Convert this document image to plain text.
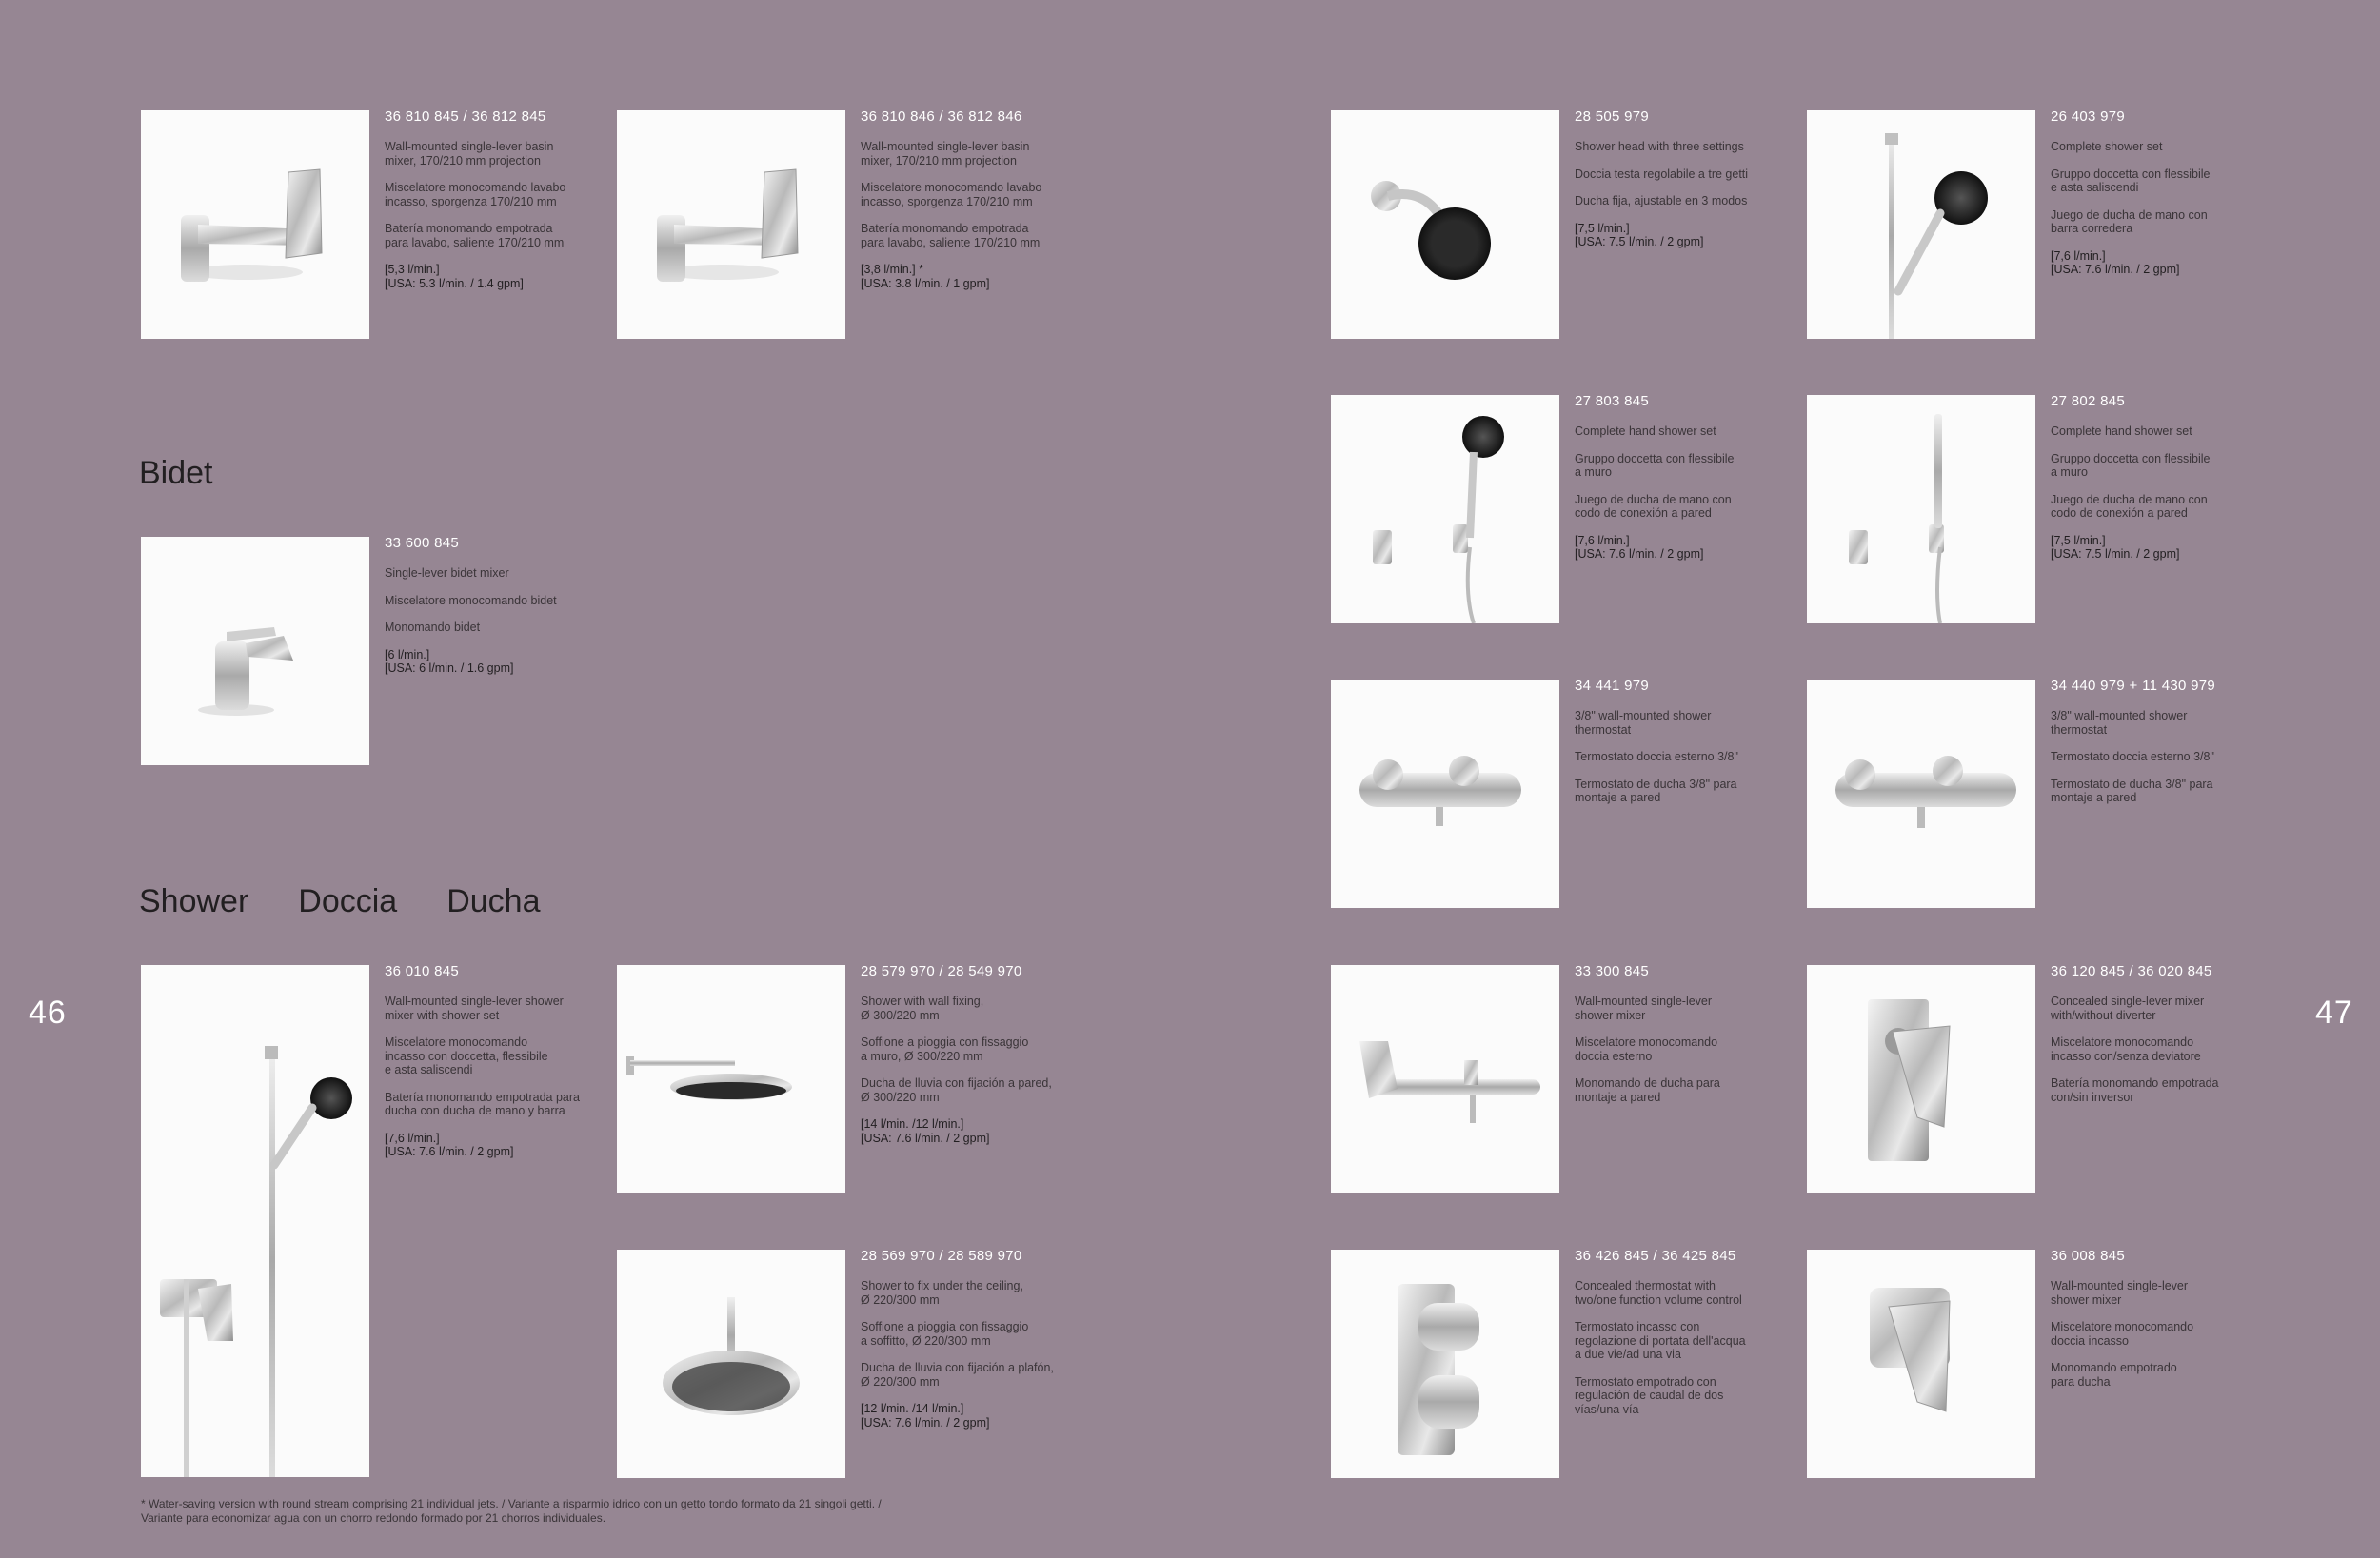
46	47
Bidet
Shower Doccia Ducha
36 810 845 / 36 812 845

Wall-mounted single-lever basin
mixer, 170/210 mm projection

Miscelatore monocomando lavabo
incasso, sporgenza 170/210 mm

Batería monomando empotrada
para lavabo, saliente 170/210 mm

[5,3 l/min.]
[USA: 5.3 l/min. / 1.4 gpm]

36 810 846 / 36 812 846

Wall-mounted single-lever basin
mixer, 170/210 mm projection

Miscelatore monocomando lavabo
incasso, sporgenza 170/210 mm

Batería monomando empotrada
para lavabo, saliente 170/210 mm

[3,8 l/min.] *
[USA: 3.8 l/min. / 1 gpm]

33 600 845

Single-lever bidet mixer

Miscelatore monocomando bidet

Monomando bidet

[6 l/min.]
[USA: 6 l/min. / 1.6 gpm]

36 010 845

Wall-mounted single-lever shower
mixer with shower set

Miscelatore monocomando
incasso con doccetta, flessibile
e asta saliscendi

Batería monomando empotrada para
ducha con ducha de mano y barra

[7,6 l/min.]
[USA: 7.6 l/min. / 2 gpm]

28 579 970 / 28 549 970

Shower with wall fixing,
Ø 300/220 mm

Soffione a pioggia con fissaggio
a muro, Ø 300/220 mm

Ducha de lluvia con fijación a pared,
Ø 300/220 mm

[14 l/min. /12 l/min.]
[USA: 7.6 l/min. / 2 gpm]

28 569 970 / 28 589 970

Shower to fix under the ceiling,
Ø 220/300 mm

Soffione a pioggia con fissaggio
a soffitto, Ø 220/300 mm

Ducha de lluvia con fijación a plafón,
Ø 220/300 mm

[12 l/min. /14 l/min.]
[USA: 7.6 l/min. / 2 gpm]

28 505 979

Shower head with three settings

Doccia testa regolabile a tre getti

Ducha fija, ajustable en 3 modos

[7,5 l/min.]
[USA: 7.5 l/min. / 2 gpm]

26 403 979

Complete shower set

Gruppo doccetta con flessibile
e asta saliscendi

Juego de ducha de mano con
barra corredera

[7,6 l/min.]
[USA: 7.6 l/min. / 2 gpm]

27 803 845

Complete hand shower set

Gruppo doccetta con flessibile
a muro

Juego de ducha de mano con
codo de conexión a pared

[7,6 l/min.]
[USA: 7.6 l/min. / 2 gpm]

27 802 845

Complete hand shower set

Gruppo doccetta con flessibile
a muro

Juego de ducha de mano con
codo de conexión a pared

[7,5 l/min.]
[USA: 7.5 l/min. / 2 gpm]

34 441 979

3/8" wall-mounted shower
thermostat

Termostato doccia esterno 3/8"

Termostato de ducha 3/8" para
montaje a pared

34 440 979 + 11 430 979

3/8" wall-mounted shower
thermostat

Termostato doccia esterno 3/8"

Termostato de ducha 3/8" para
montaje a pared

33 300 845

Wall-mounted single-lever
shower mixer

Miscelatore monocomando
doccia esterno

Monomando de ducha para
montaje a pared

36 120 845 / 36 020 845

Concealed single-lever mixer
with/without diverter

Miscelatore monocomando
incasso con/senza deviatore

Batería monomando empotrada
con/sin inversor

36 426 845 / 36 425 845

Concealed thermostat with
two/one function volume control

Termostato incasso con
regolazione di portata dell'acqua
a due vie/ad una via

Termostato empotrado con
regulación de caudal de dos
vías/una vía

36 008 845

Wall-mounted single-lever
shower mixer

Miscelatore monocomando
doccia incasso

Monomando empotrado
para ducha

* Water-saving version with round stream comprising 21 individual jets. / Variante a risparmio idrico con un getto tondo formato da 21 singoli getti. /
Variante para economizar agua con un chorro redondo formado por 21 chorros individuales.
